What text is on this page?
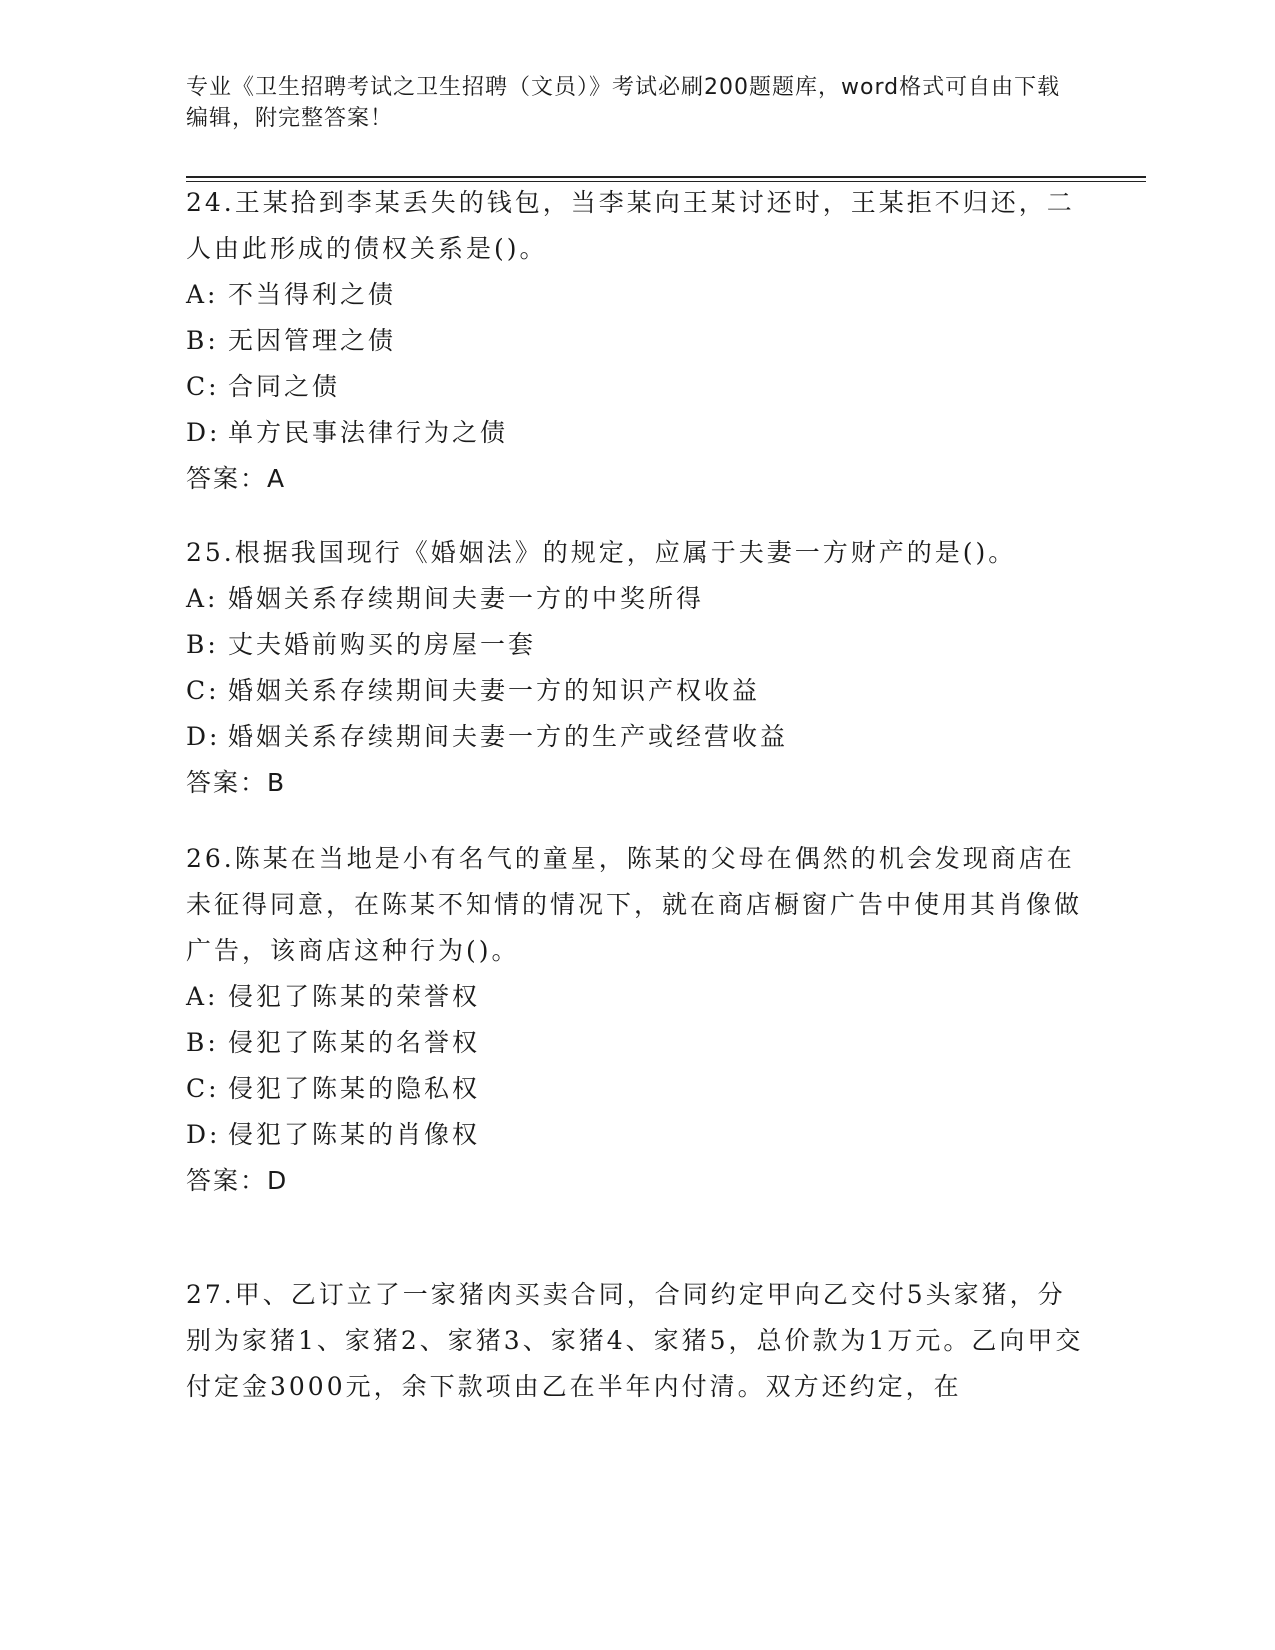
专业《卫生招聘考试之卫生招聘（文员）》考试必刷200题题库，word格式可自由下载编辑，附完整答案！
24.王某拾到李某丢失的钱包，当李某向王某讨还时，王某拒不归还，二人由此形成的债权关系是()。
A: 不当得利之债
B: 无因管理之债
C: 合同之债
D: 单方民事法律行为之债
答案：A
25.根据我国现行《婚姻法》的规定，应属于夫妻一方财产的是()。
A: 婚姻关系存续期间夫妻一方的中奖所得
B: 丈夫婚前购买的房屋一套
C: 婚姻关系存续期间夫妻一方的知识产权收益
D: 婚姻关系存续期间夫妻一方的生产或经营收益
答案：B
26.陈某在当地是小有名气的童星，陈某的父母在偶然的机会发现商店在未征得同意，在陈某不知情的情况下，就在商店橱窗广告中使用其肖像做广告，该商店这种行为()。
A: 侵犯了陈某的荣誉权
B: 侵犯了陈某的名誉权
C: 侵犯了陈某的隐私权
D: 侵犯了陈某的肖像权
答案：D
27.甲、乙订立了一家猪肉买卖合同，合同约定甲向乙交付5头家猪，分别为家猪1、家猪2、家猪3、家猪4、家猪5，总价款为1万元。乙向甲交付定金3000元，余下款项由乙在半年内付清。双方还约定，在
